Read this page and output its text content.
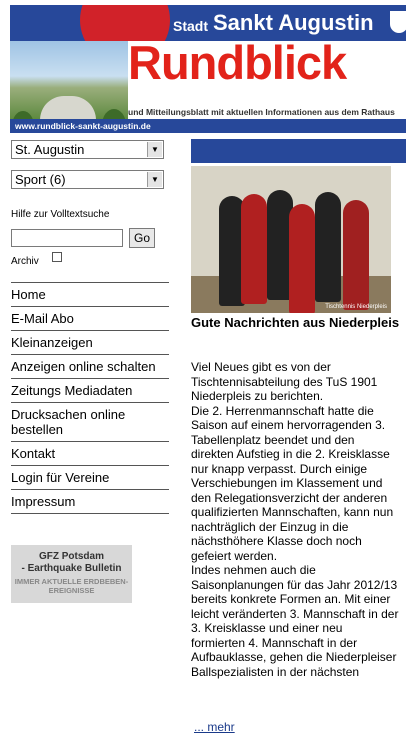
Stadt Sankt Augustin
Rundblick
und Mitteilungsblatt mit aktuellen Informationen aus dem Rathaus
www.rundblick-sankt-augustin.de
St. Augustin	▼
Sport (6)	▼
Hilfe zur Volltextsuche
Go
Archiv
Home
E-Mail Abo
Kleinanzeigen
Anzeigen online schalten
Zeitungs Mediadaten
Drucksachen online bestellen
Kontakt
Login für Vereine
Impressum
GFZ Potsdam
- Earthquake Bulletin
IMMER AKTUELLE ERDBEBEN-EREIGNISSE
Tischtennis Niederpleis
Gute Nachrichten aus Niederpleis
Viel Neues gibt es von der Tischtennisabteilung des TuS 1901 Niederpleis zu berichten.
Die 2. Herrenmannschaft hatte die Saison auf einem hervorragenden 3. Tabellenplatz beendet und den direkten Aufstieg in die 2. Kreisklasse nur knapp verpasst. Durch einige Verschiebungen im Klassement und den Relegationsverzicht der anderen qualifizierten Mannschaften, kann nun nachträglich der Einzug in die nächsthöhere Klasse doch noch gefeiert werden.
Indes nehmen auch die Saisonplanungen für das Jahr 2012/13 bereits konkrete Formen an. Mit einer leicht veränderten 3. Mannschaft in der 3. Kreisklasse und einer neu formierten 4. Mannschaft in der Aufbauklasse, gehen die Niederpleiser Ballspezialisten in der nächsten
... mehr
